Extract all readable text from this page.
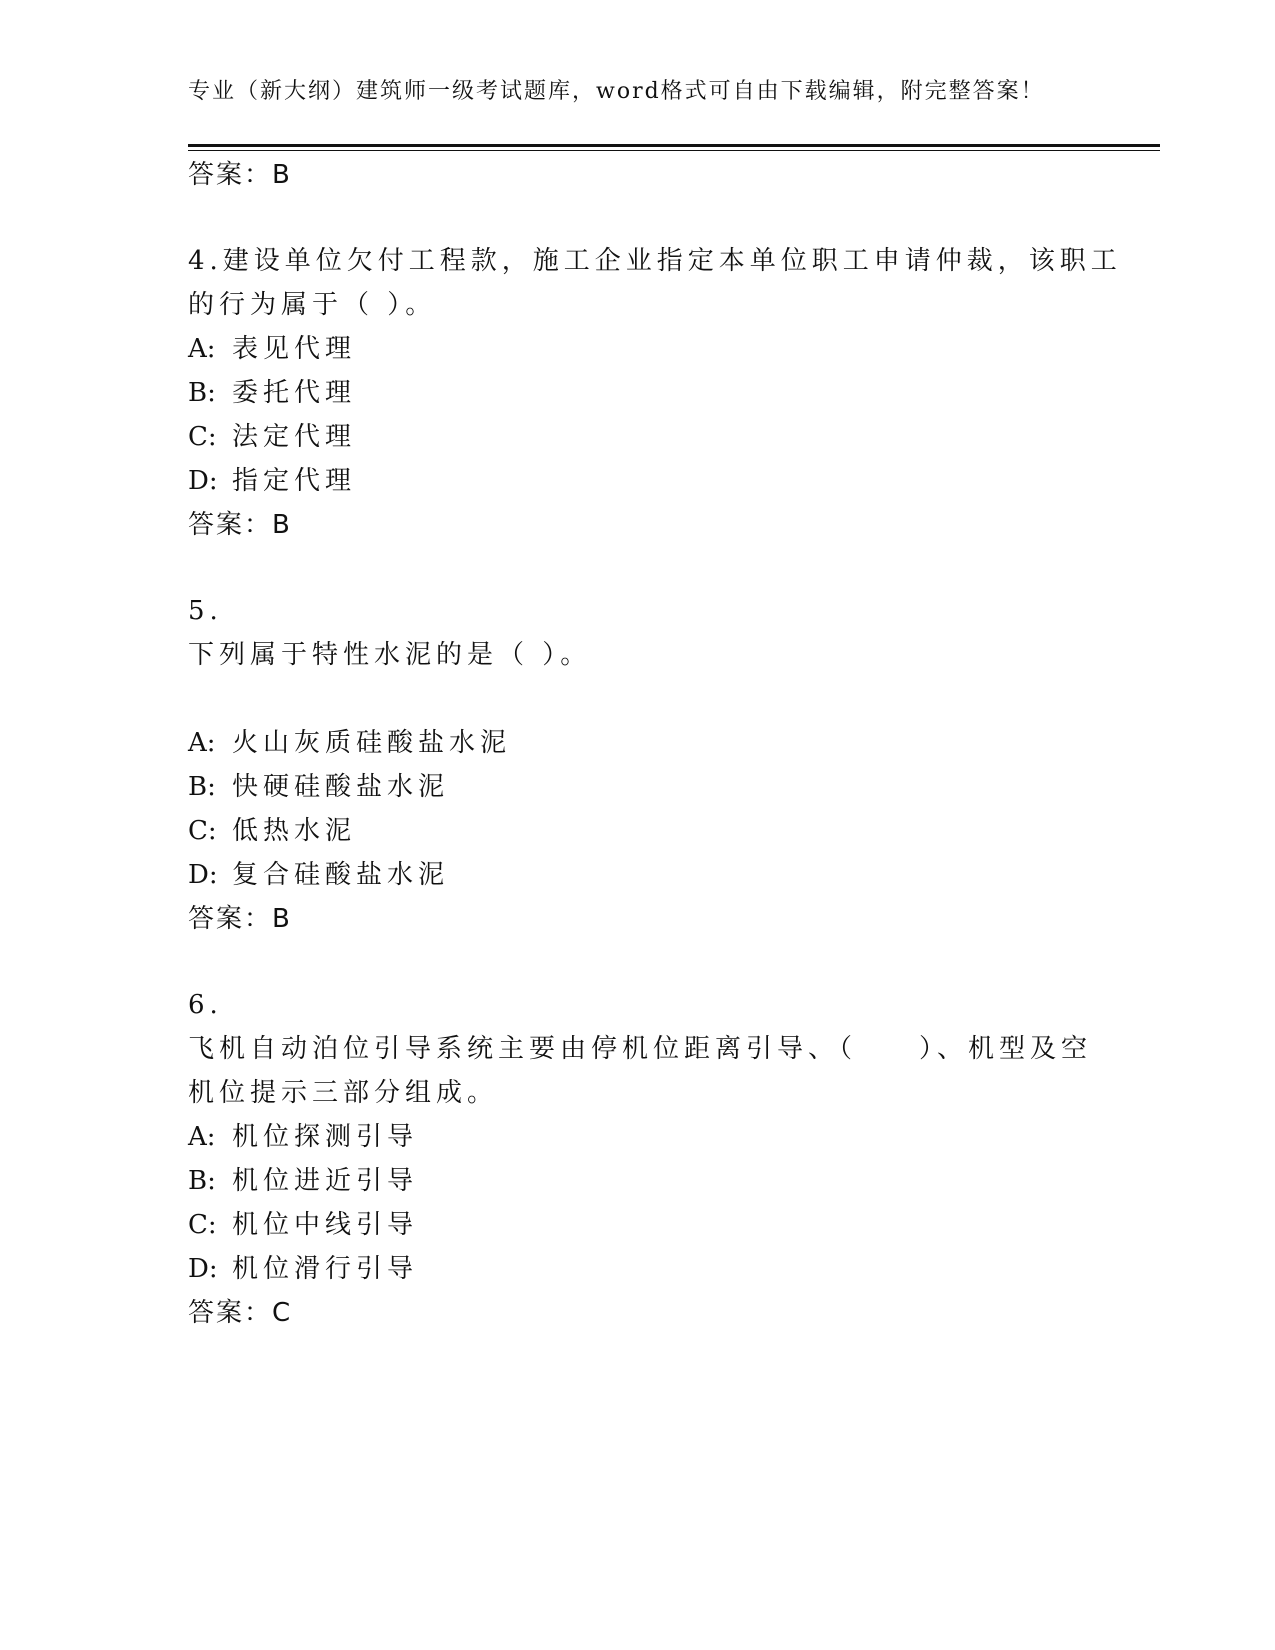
专业（新大纲）建筑师一级考试题库，word格式可自由下载编辑，附完整答案！
答案：B
4.建设单位欠付工程款，施工企业指定本单位职工申请仲裁，该职工
的行为属于（ ）。
A: 表见代理
B: 委托代理
C: 法定代理
D: 指定代理
答案：B
5.
下列属于特性水泥的是（ ）。
A: 火山灰质硅酸盐水泥
B: 快硬硅酸盐水泥
C: 低热水泥
D: 复合硅酸盐水泥
答案：B
6.
飞机自动泊位引导系统主要由停机位距离引导、（　　）、机型及空
机位提示三部分组成。
A: 机位探测引导
B: 机位进近引导
C: 机位中线引导
D: 机位滑行引导
答案：C
